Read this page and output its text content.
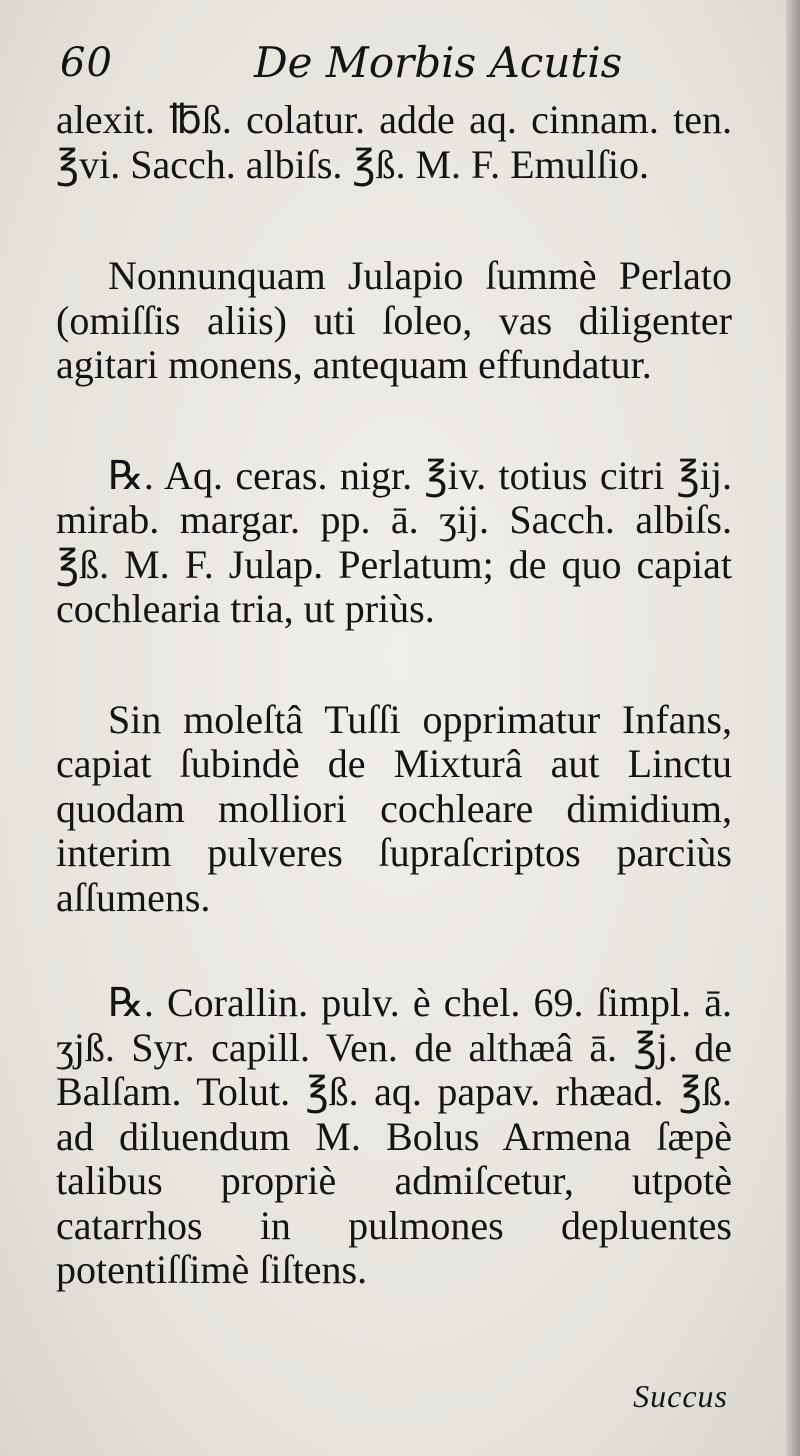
60	De Morbis Acutis

alexit. ℔ß. colatur. adde aq. cinnam. ten. ℥vi. Sacch. albiſs. ℥ß. M. F. Emulſio.

Nonnunquam Julapio ſummè Perlato (omiſſis aliis) uti ſoleo, vas diligenter agitari monens, antequam effundatur.

℞. Aq. ceras. nigr. ℥iv. totius citri ℥ij. mirab. margar. pp. ā. ʒij. Sacch. albiſs. ℥ß. M. F. Julap. Perlatum; de quo capiat cochlearia tria, ut priùs.

Sin moleſtâ Tuſſi opprimatur Infans, capiat ſubindè de Mixturâ aut Linctu quodam molliori cochleare dimidium, interim pulveres ſupraſcriptos parciùs aſſumens.

℞. Corallin. pulv. è chel. 69. ſimpl. ā. ʒjß. Syr. capill. Ven. de althæâ ā. ℥j. de Balſam. Tolut. ℥ß. aq. papav. rhæad. ℥ß. ad diluendum M. Bolus Armena ſæpè talibus propriè admiſcetur, utpotè catarrhos in pulmones depluentes potentiſſimè ſiſtens.

Succus
